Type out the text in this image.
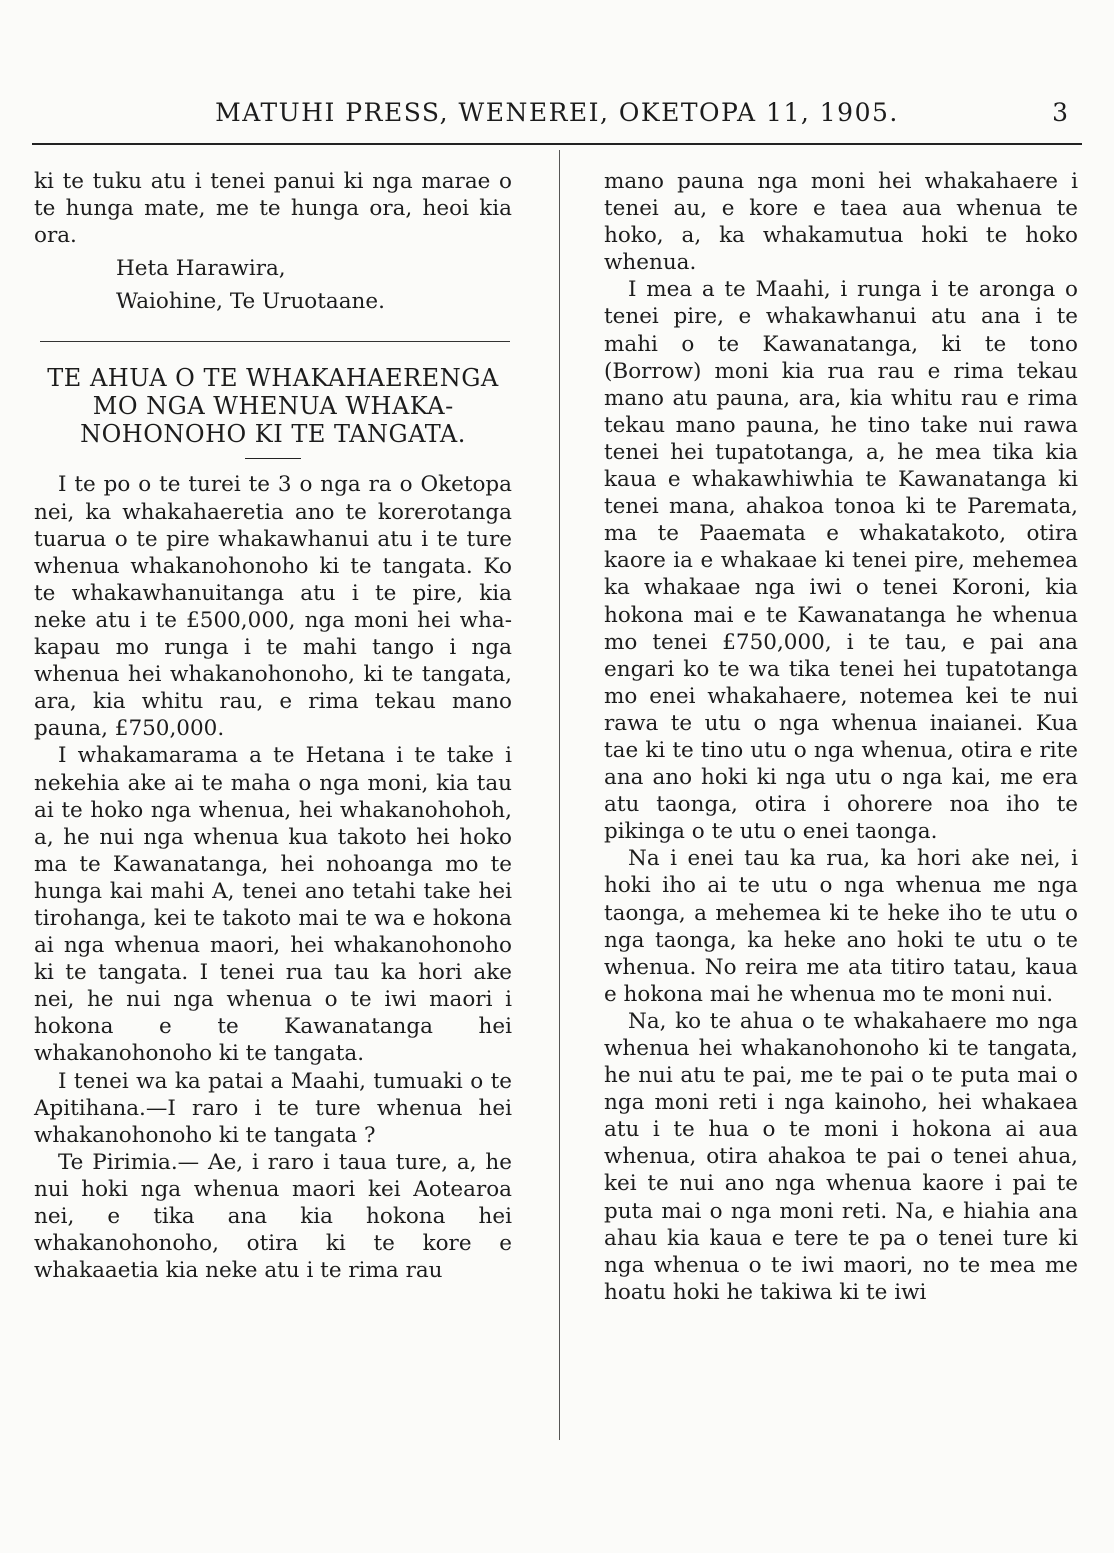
MATUHI PRESS, WENEREI, OKETOPA 11, 1905.	3

ki te tuku atu i tenei panui ki nga marae o te hunga mate, me te hunga ora, heoi kia ora.

Heta Harawira,
Waiohine, Te Uruotaane.
TE AHUA O TE WHAKAHAERENGA MO NGA WHENUA WHAKANOHONOHO KI TE TANGATA.

I te po o te turei te 3 o nga ra o Oketopa nei, ka whakahaeretia ano te korerotanga tuarua o te pire whakawhanui atu i te ture whenua whakanohonoho ki te tangata. Ko te whakawhanuitanga atu i te pire, kia neke atu i te £500,000, nga moni hei whakapau mo runga i te mahi tango i nga whenua hei whakanohonoho, ki te tangata, ara, kia whitu rau, e rima tekau mano pauna, £750,000.

I whakamarama a te Hetana i te take i nekehia ake ai te maha o nga moni, kia tau ai te hoko nga whenua, hei whakanohohoh, a, he nui nga whenua kua takoto hei hoko ma te Kawanatanga, hei nohoanga mo te hunga kai mahi A, tenei ano tetahi take hei tirohanga, kei te takoto mai te wa e hokona ai nga whenua maori, hei whakanohonoho ki te tangata. I tenei rua tau ka hori ake nei, he nui nga whenua o te iwi maori i hokona e te Kawanatanga hei whakanohonoho ki te tangata.

I tenei wa ka patai a Maahi, tumuaki o te Apitihana.—I raro i te ture whenua hei whakanohonoho ki te tangata ?

Te Pirimia.— Ae, i raro i taua ture, a, he nui hoki nga whenua maori kei Aotearoa nei, e tika ana kia hokona hei whakanohonoho, otira ki te kore e whakaaetia kia neke atu i te rima rau

mano pauna nga moni hei whakahaere i tenei au, e kore e taea aua whenua te hoko, a, ka whakamutua hoki te hoko whenua.

I mea a te Maahi, i runga i te aronga o tenei pire, e whakawhanui atu ana i te mahi o te Kawanatanga, ki te tono (Borrow) moni kia rua rau e rima tekau mano atu pauna, ara, kia whitu rau e rima tekau mano pauna, he tino take nui rawa tenei hei tupatotanga, a, he mea tika kia kaua e whakawhiwhia te Kawanatanga ki tenei mana, ahakoa tonoa ki te Paremata, ma te Paaemata e whakatakoto, otira kaore ia e whakaae ki tenei pire, mehemea ka whakaae nga iwi o tenei Koroni, kia hokona mai e te Kawanatanga he whenua mo tenei £750,000, i te tau, e pai ana engari ko te wa tika tenei hei tupatotanga mo enei whakahaere, notemea kei te nui rawa te utu o nga whenua inaianei. Kua tae ki te tino utu o nga whenua, otira e rite ana ano hoki ki nga utu o nga kai, me era atu taonga, otira i ohorere noa iho te pikinga o te utu o enei taonga.

Na i enei tau ka rua, ka hori ake nei, i hoki iho ai te utu o nga whenua me nga taonga, a mehemea ki te heke iho te utu o nga taonga, ka heke ano hoki te utu o te whenua. No reira me ata titiro tatau, kaua e hokona mai he whenua mo te moni nui.

Na, ko te ahua o te whakahaere mo nga whenua hei whakanohonoho ki te tangata, he nui atu te pai, me te pai o te puta mai o nga moni reti i nga kainoho, hei whakaea atu i te hua o te moni i hokona ai aua whenua, otira ahakoa te pai o tenei ahua, kei te nui ano nga whenua kaore i pai te puta mai o nga moni reti. Na, e hiahia ana ahau kia kaua e tere te pa o tenei ture ki nga whenua o te iwi maori, no te mea me hoatu hoki he takiwa ki te iwi
